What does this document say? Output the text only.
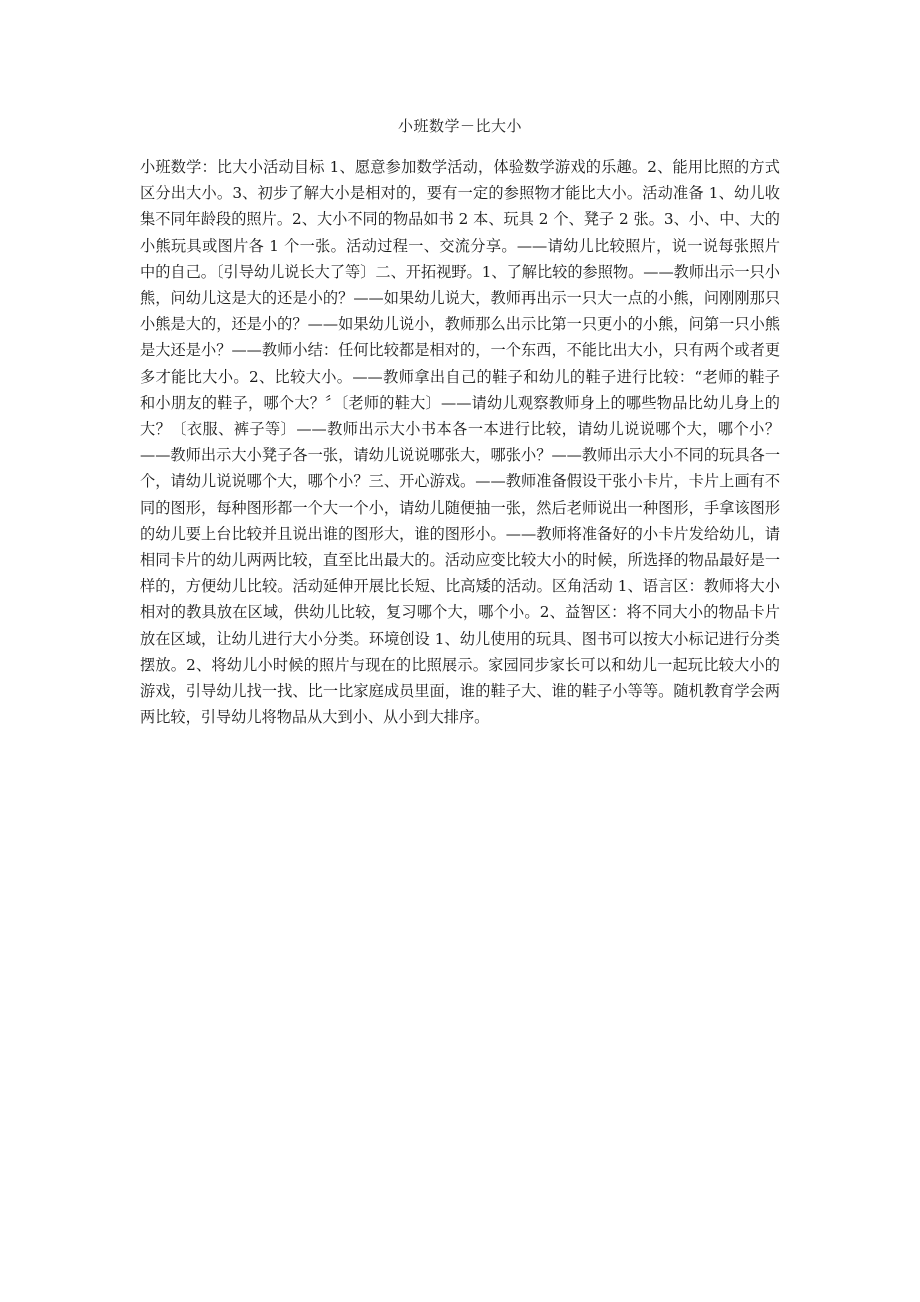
小班数学－比大小

小班数学：比大小活动目标 1、愿意参加数学活动，体验数学游戏的乐趣。2、能用比照的方式区分出大小。3、初步了解大小是相对的，要有一定的参照物才能比大小。活动准备 1、幼儿收集不同年龄段的照片。2、大小不同的物品如书 2 本、玩具 2 个、凳子 2 张。3、小、中、大的小熊玩具或图片各 1 个一张。活动过程一、交流分享。——请幼儿比较照片，说一说每张照片中的自己。〔引导幼儿说长大了等〕二、开拓视野。1、了解比较的参照物。——教师出示一只小熊，问幼儿这是大的还是小的？——如果幼儿说大，教师再出示一只大一点的小熊，问刚刚那只小熊是大的，还是小的？——如果幼儿说小，教师那么出示比第一只更小的小熊，问第一只小熊是大还是小？——教师小结：任何比较都是相对的，一个东西，不能比出大小，只有两个或者更多才能比大小。2、比较大小。——教师拿出自己的鞋子和幼儿的鞋子进行比较：“老师的鞋子和小朋友的鞋子，哪个大？〞〔老师的鞋大〕——请幼儿观察教师身上的哪些物品比幼儿身上的大？〔衣服、裤子等〕——教师出示大小书本各一本进行比较，请幼儿说说哪个大，哪个小？——教师出示大小凳子各一张，请幼儿说说哪张大，哪张小？——教师出示大小不同的玩具各一个，请幼儿说说哪个大，哪个小？三、开心游戏。——教师准备假设干张小卡片，卡片上画有不同的图形，每种图形都一个大一个小，请幼儿随便抽一张，然后老师说出一种图形，手拿该图形的幼儿要上台比较并且说出谁的图形大，谁的图形小。——教师将准备好的小卡片发给幼儿，请相同卡片的幼儿两两比较，直至比出最大的。活动应变比较大小的时候，所选择的物品最好是一样的，方便幼儿比较。活动延伸开展比长短、比高矮的活动。区角活动 1、语言区：教师将大小相对的教具放在区域，供幼儿比较，复习哪个大，哪个小。2、益智区：将不同大小的物品卡片放在区域，让幼儿进行大小分类。环境创设 1、幼儿使用的玩具、图书可以按大小标记进行分类摆放。2、将幼儿小时候的照片与现在的比照展示。家园同步家长可以和幼儿一起玩比较大小的游戏，引导幼儿找一找、比一比家庭成员里面，谁的鞋子大、谁的鞋子小等等。随机教育学会两两比较，引导幼儿将物品从大到小、从小到大排序。
